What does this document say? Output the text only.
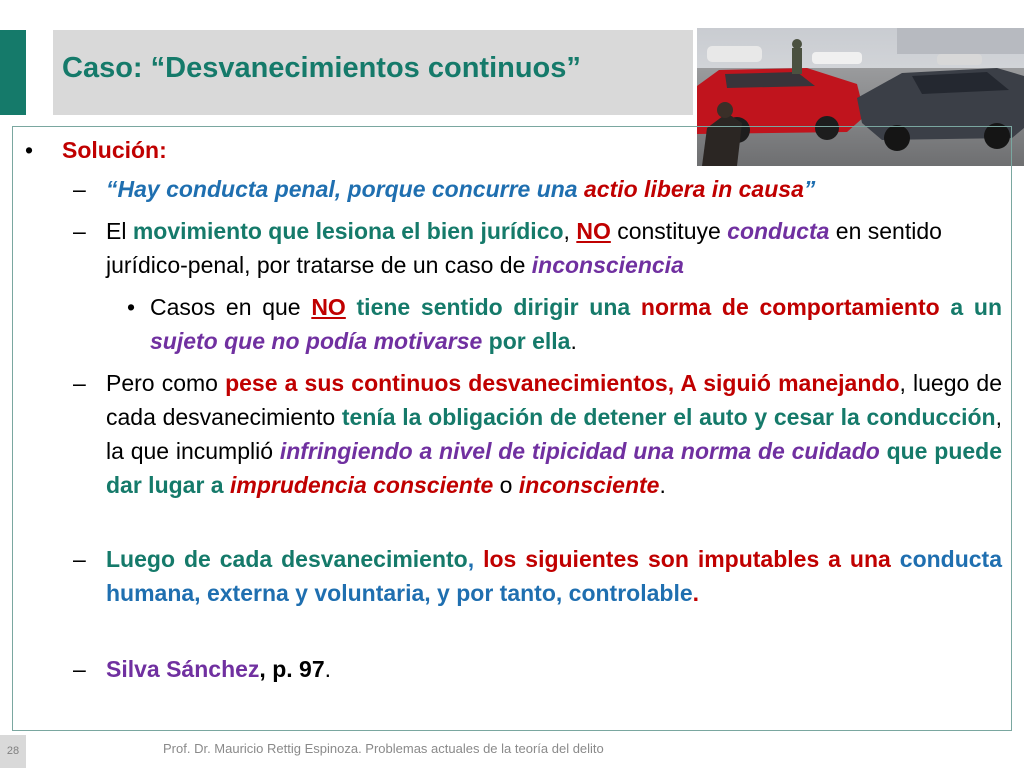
Caso: “Desvanecimientos continuos”
• Solución:
– “Hay conducta penal, porque concurre una actio libera in causa”
– El movimiento que lesiona el bien jurídico, NO constituye conducta en sentido jurídico-penal, por tratarse de un caso de inconsciencia
• Casos en que NO tiene sentido dirigir una norma de comportamiento a un sujeto que no podía motivarse por ella.
– Pero como pese a sus continuos desvanecimientos, A siguió manejando, luego de cada desvanecimiento tenía la obligación de detener el auto y cesar la conducción, la que incumplió infringiendo a nivel de tipicidad una norma de cuidado que puede dar lugar a imprudencia consciente o inconsciente.
– Luego de cada desvanecimiento, los siguientes son imputables a una conducta humana, externa y voluntaria, y por tanto, controlable.
– Silva Sánchez, p. 97.
28	Prof. Dr. Mauricio Rettig Espinoza. Problemas actuales de la teoría del delito
